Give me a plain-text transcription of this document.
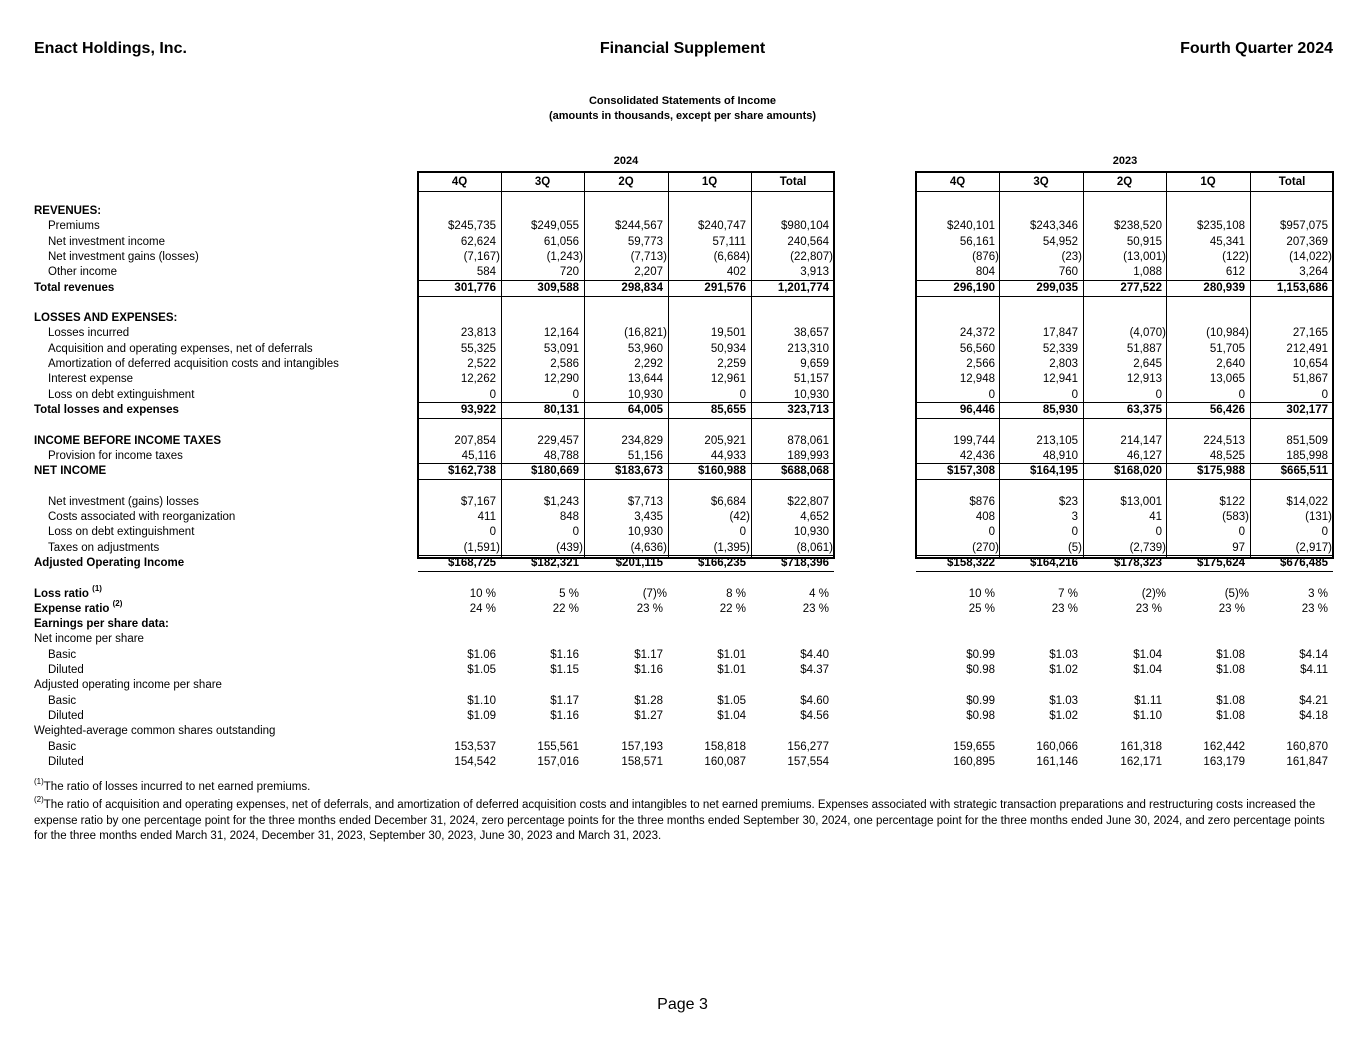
Enact Holdings, Inc.	Financial Supplement	Fourth Quarter 2024
Consolidated Statements of Income
(amounts in thousands, except per share amounts)
2024	2023
4Q	3Q	2Q	1Q	Total	4Q	3Q	2Q	1Q	Total
REVENUES:
Premiums	$245,735	$249,055	$244,567	$240,747	$980,104	$240,101	$243,346	$238,520	$235,108	$957,075
Net investment income	62,624	61,056	59,773	57,111	240,564	56,161	54,952	50,915	45,341	207,369
Net investment gains (losses)	(7,167)	(1,243)	(7,713)	(6,684)	(22,807)	(876)	(23)	(13,001)	(122)	(14,022)
Other income	584	720	2,207	402	3,913	804	760	1,088	612	3,264
Total revenues	301,776	309,588	298,834	291,576	1,201,774	296,190	299,035	277,522	280,939	1,153,686
LOSSES AND EXPENSES:
Losses incurred	23,813	12,164	(16,821)	19,501	38,657	24,372	17,847	(4,070)	(10,984)	27,165
Acquisition and operating expenses, net of deferrals	55,325	53,091	53,960	50,934	213,310	56,560	52,339	51,887	51,705	212,491
Amortization of deferred acquisition costs and intangibles	2,522	2,586	2,292	2,259	9,659	2,566	2,803	2,645	2,640	10,654
Interest expense	12,262	12,290	13,644	12,961	51,157	12,948	12,941	12,913	13,065	51,867
Loss on debt extinguishment	0	0	10,930	0	10,930	0	0	0	0	0
Total losses and expenses	93,922	80,131	64,005	85,655	323,713	96,446	85,930	63,375	56,426	302,177
INCOME BEFORE INCOME TAXES	207,854	229,457	234,829	205,921	878,061	199,744	213,105	214,147	224,513	851,509
Provision for income taxes	45,116	48,788	51,156	44,933	189,993	42,436	48,910	46,127	48,525	185,998
NET INCOME	$162,738	$180,669	$183,673	$160,988	$688,068	$157,308	$164,195	$168,020	$175,988	$665,511
Net investment (gains) losses	$7,167	$1,243	$7,713	$6,684	$22,807	$876	$23	$13,001	$122	$14,022
Costs associated with reorganization	411	848	3,435	(42)	4,652	408	3	41	(583)	(131)
Loss on debt extinguishment	0	0	10,930	0	10,930	0	0	0	0	0
Taxes on adjustments	(1,591)	(439)	(4,636)	(1,395)	(8,061)	(270)	(5)	(2,739)	97	(2,917)
Adjusted Operating Income	$168,725	$182,321	$201,115	$166,235	$718,396	$158,322	$164,216	$178,323	$175,624	$676,485
Loss ratio $^{(1)}$	10 %	5 %	(7)%	8 %	4 %	10 %	7 %	(2)%	(5)%	3 %
Expense ratio $^{(2)}$	24 %	22 %	23 %	22 %	23 %	25 %	23 %	23 %	23 %	23 %
Earnings per share data:
Net income per share
Basic	$1.06	$1.16	$1.17	$1.01	$4.40	$0.99	$1.03	$1.04	$1.08	$4.14
Diluted	$1.05	$1.15	$1.16	$1.01	$4.37	$0.98	$1.02	$1.04	$1.08	$4.11
Adjusted operating income per share
Basic	$1.10	$1.17	$1.28	$1.05	$4.60	$0.99	$1.03	$1.11	$1.08	$4.21
Diluted	$1.09	$1.16	$1.27	$1.04	$4.56	$0.98	$1.02	$1.10	$1.08	$4.18
Weighted-average common shares outstanding
Basic	153,537	155,561	157,193	158,818	156,277	159,655	160,066	161,318	162,442	160,870
Diluted	154,542	157,016	158,571	160,087	157,554	160,895	161,146	162,171	163,179	161,847
$^{(1)}$The ratio of losses incurred to net earned premiums.
$^{(2)}$The ratio of acquisition and operating expenses, net of deferrals, and amortization of deferred acquisition costs and intangibles to net earned premiums. Expenses associated with strategic transaction preparations and restructuring costs increased the expense ratio by one percentage point for the three months ended December 31, 2024, zero percentage points for the three months ended September 30, 2024, one percentage point for the three months ended June 30, 2024, and zero percentage points for the three months ended March 31, 2024, December 31, 2023, September 30, 2023, June 30, 2023 and March 31, 2023.
Page 3
